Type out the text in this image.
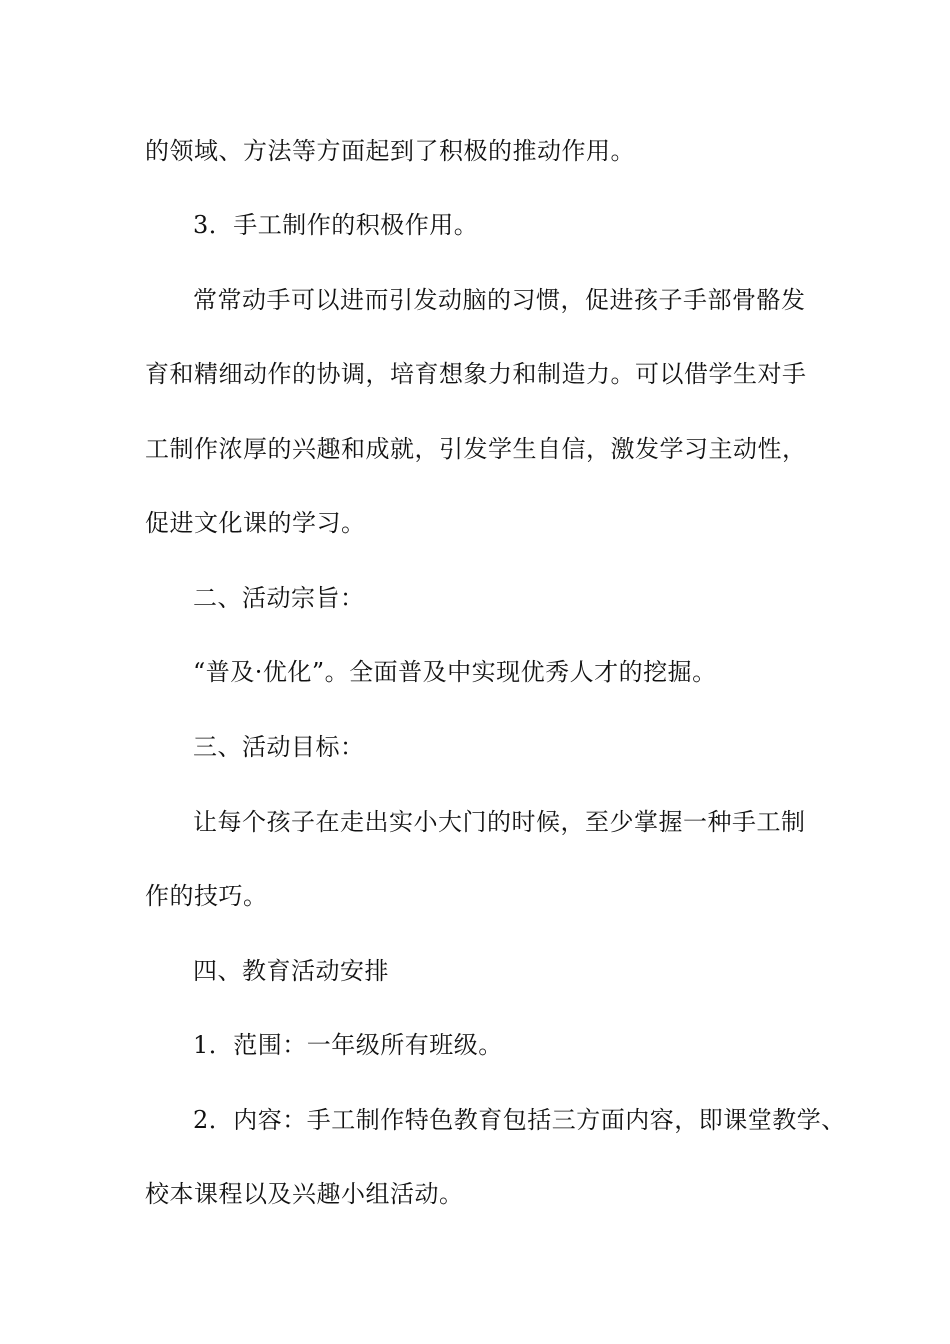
的领域、方法等方面起到了积极的推动作用。
3．手工制作的积极作用。
常常动手可以进而引发动脑的习惯，促进孩子手部骨骼发
育和精细动作的协调，培育想象力和制造力。可以借学生对手
工制作浓厚的兴趣和成就，引发学生自信，激发学习主动性，
促进文化课的学习。
二、活动宗旨：
“普及·优化”。全面普及中实现优秀人才的挖掘。
三、活动目标：
让每个孩子在走出实小大门的时候，至少掌握一种手工制
作的技巧。
四、教育活动安排
1．范围：一年级所有班级。
2．内容：手工制作特色教育包括三方面内容，即课堂教学、
校本课程以及兴趣小组活动。
